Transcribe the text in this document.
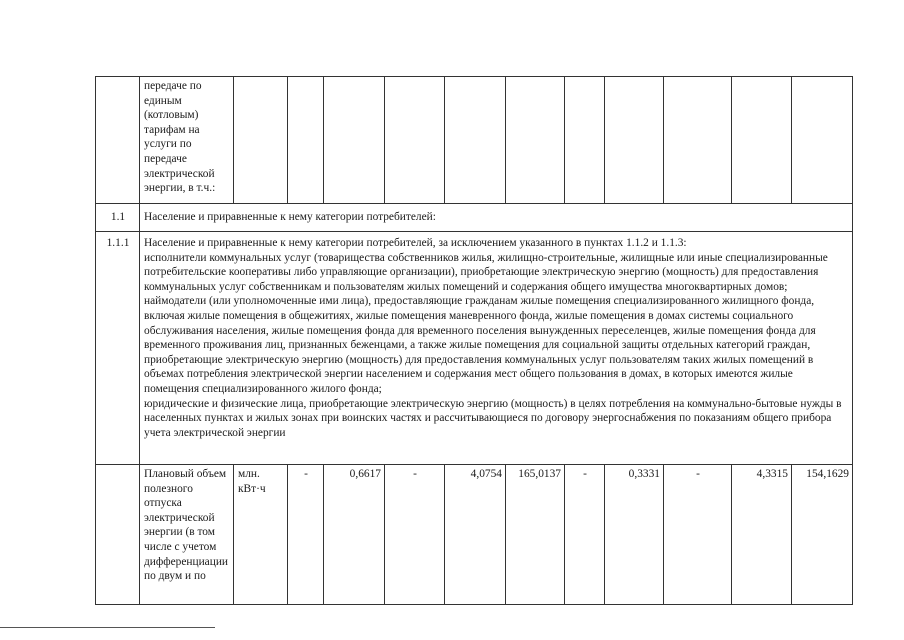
	передаче по единым (котловым) тарифам на услуги по передаче электрической энергии, в т.ч.:											
1.1	Население и приравненные к нему категории потребителей:											
1.1.1	Население и приравненные к нему категории потребителей, за исключением указанного в пунктах 1.1.2 и 1.1.3:
исполнители коммунальных услуг (товарищества собственников жилья, жилищно-строительные, жилищные или иные специализированные потребительские кооперативы либо управляющие организации), приобретающие электрическую энергию (мощность) для предоставления коммунальных услуг собственникам и пользователям жилых помещений и содержания общего имущества многоквартирных домов; наймодатели (или уполномоченные ими лица), предоставляющие гражданам жилые помещения специализированного жилищного фонда, включая жилые помещения в общежитиях, жилые помещения маневренного фонда, жилые помещения в домах системы социального обслуживания населения, жилые помещения фонда для временного поселения вынужденных переселенцев, жилые помещения фонда для временного проживания лиц, признанных беженцами, а также жилые помещения для социальной защиты отдельных категорий граждан, приобретающие электрическую энергию (мощность) для предоставления коммунальных услуг пользователям таких жилых помещений в объемах потребления электрической энергии населением и содержания мест общего пользования в домах, в которых имеются жилые помещения специализированного жилого фонда;
юридические и физические лица, приобретающие электрическую энергию (мощность) в целях потребления на коммунально-бытовые нужды в населенных пунктах и жилых зонах при воинских частях и рассчитывающиеся по договору энергоснабжения по показаниям общего прибора учета электрической энергии											

	Плановый объем полезного отпуска электрической энергии (в том числе с учетом дифференциации по двум и по	млн. кВт·ч	-	0,6617	-	4,0754	165,0137	-	0,3331	-	4,3315	154,1629
